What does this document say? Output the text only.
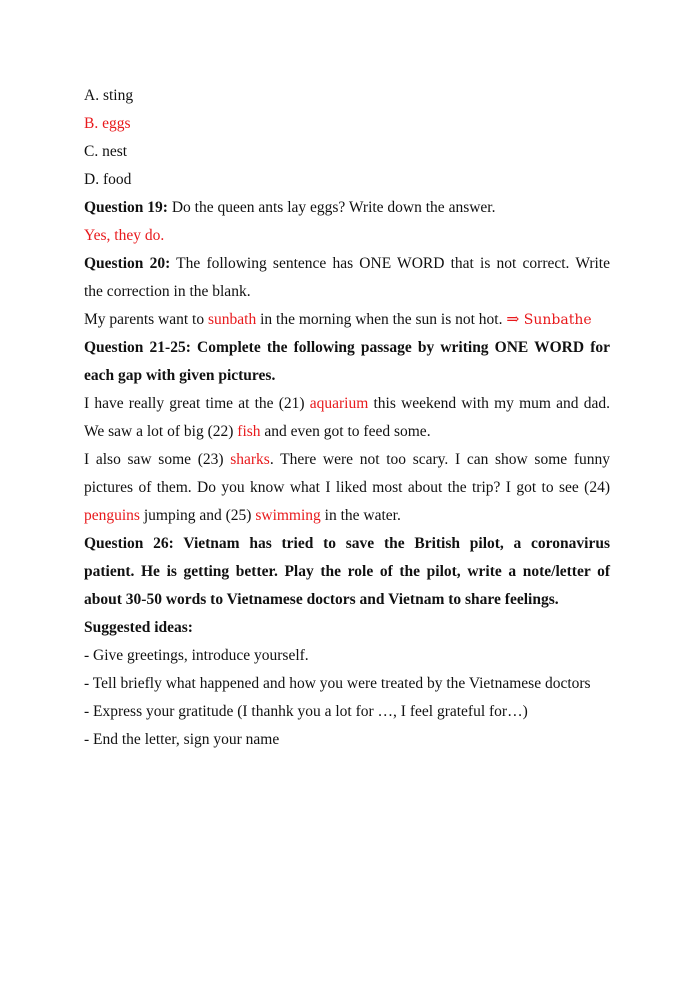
A. sting
B. eggs
C. nest
D. food
Question 19: Do the queen ants lay eggs? Write down the answer.
Yes, they do.
Question 20: The following sentence has ONE WORD that is not correct. Write
the correction in the blank.
My parents want to sunbath in the morning when the sun is not hot. ⇒ Sunbathe
Question 21-25: Complete the following passage by writing ONE WORD for
each gap with given pictures.
I have really great time at the (21) aquarium this weekend with my mum and dad.
We saw a lot of big (22) fish and even got to feed some.
I also saw some (23) sharks. There were not too scary. I can show some funny
pictures of them. Do you know what I liked most about the trip? I got to see (24)
penguins jumping and (25) swimming in the water.
Question 26: Vietnam has tried to save the British pilot, a coronavirus
patient. He is getting better. Play the role of the pilot, write a note/letter of
about 30-50 words to Vietnamese doctors and Vietnam to share feelings.
Suggested ideas:
- Give greetings, introduce yourself.
- Tell briefly what happened and how you were treated by the Vietnamese doctors
- Express your gratitude (I thanhk you a lot for …, I feel grateful for…)
- End the letter, sign your name
